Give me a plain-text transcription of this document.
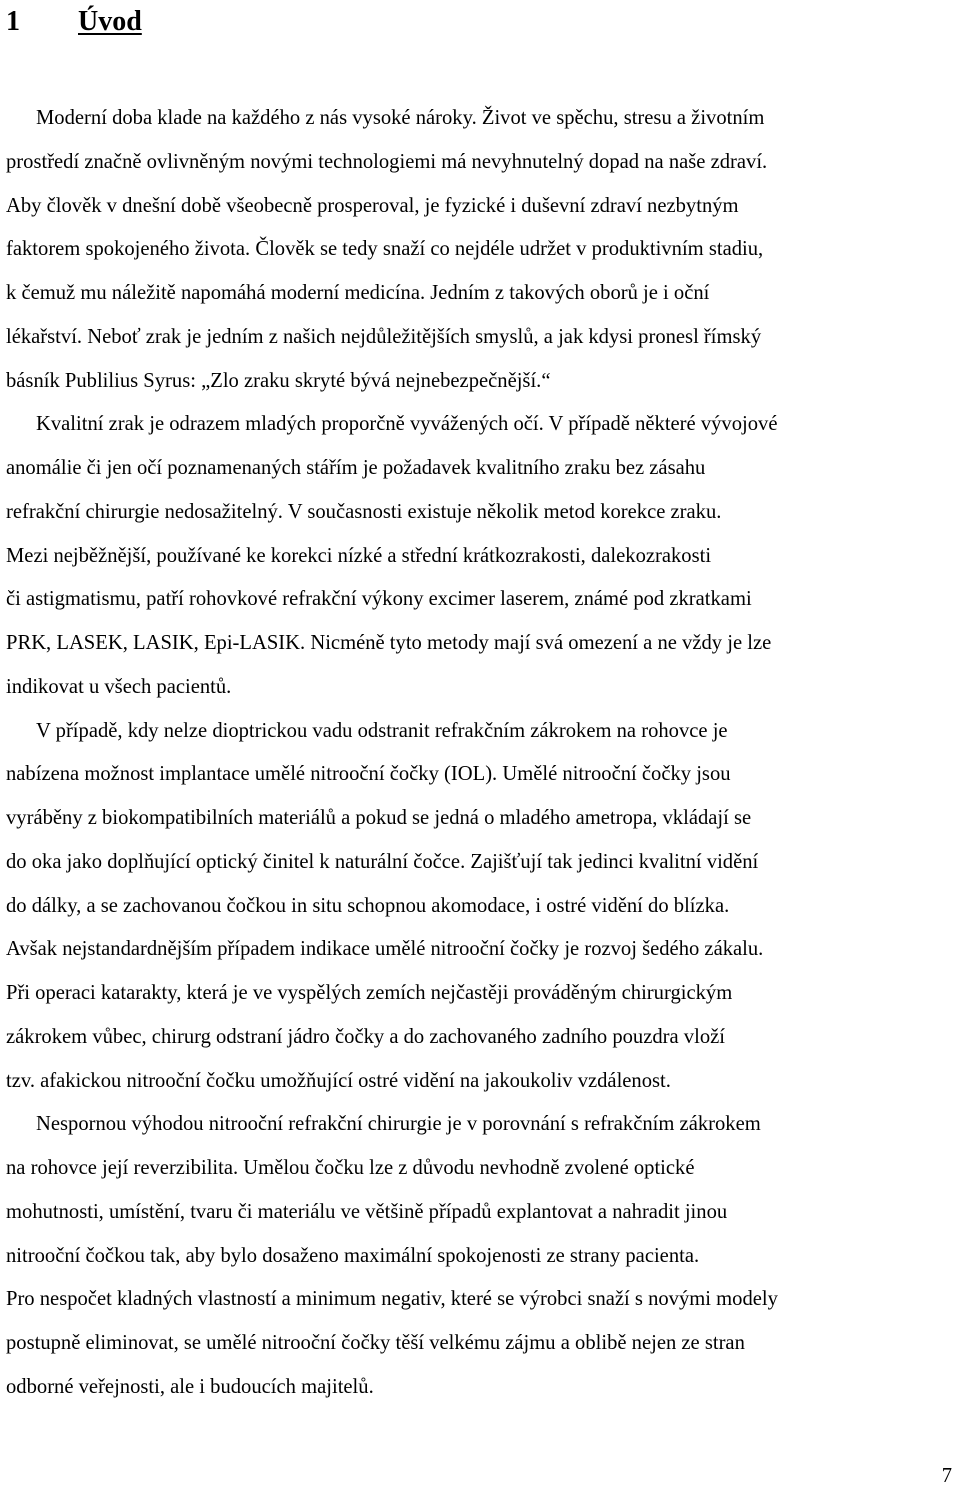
1 Úvod
Moderní doba klade na každého z nás vysoké nároky. Život ve spěchu, stresu a životním
prostředí značně ovlivněným novými technologiemi má nevyhnutelný dopad na naše zdraví.
Aby člověk v dnešní době všeobecně prosperoval, je fyzické i duševní zdraví nezbytným
faktorem spokojeného života. Člověk se tedy snaží co nejdéle udržet v produktivním stadiu,
k čemuž mu náležitě napomáhá moderní medicína. Jedním z takových oborů je i oční
lékařství. Neboť zrak je jedním z našich nejdůležitějších smyslů, a jak kdysi pronesl římský
básník Publilius Syrus: „Zlo zraku skryté bývá nejnebezpečnější.“
Kvalitní zrak je odrazem mladých proporčně vyvážených očí. V případě některé vývojové
anomálie či jen očí poznamenaných stářím je požadavek kvalitního zraku bez zásahu
refrakční chirurgie nedosažitelný. V současnosti existuje několik metod korekce zraku.
Mezi nejběžnější, používané ke korekci nízké a střední krátkozrakosti, dalekozrakosti
či astigmatismu, patří rohovkové refrakční výkony excimer laserem, známé pod zkratkami
PRK, LASEK, LASIK, Epi-LASIK. Nicméně tyto metody mají svá omezení a ne vždy je lze
indikovat u všech pacientů.
V případě, kdy nelze dioptrickou vadu odstranit refrakčním zákrokem na rohovce je
nabízena možnost implantace umělé nitrooční čočky (IOL). Umělé nitrooční čočky jsou
vyráběny z biokompatibilních materiálů a pokud se jedná o mladého ametropa, vkládají se
do oka jako doplňující optický činitel k naturální čočce. Zajišťují tak jedinci kvalitní vidění
do dálky, a se zachovanou čočkou in situ schopnou akomodace, i ostré vidění do blízka.
Avšak nejstandardnějším případem indikace umělé nitrooční čočky je rozvoj šedého zákalu.
Při operaci katarakty, která je ve vyspělých zemích nejčastěji prováděným chirurgickým
zákrokem vůbec, chirurg odstraní jádro čočky a do zachovaného zadního pouzdra vloží
tzv. afakickou nitrooční čočku umožňující ostré vidění na jakoukoliv vzdálenost.
Nespornou výhodou nitrooční refrakční chirurgie je v porovnání s refrakčním zákrokem
na rohovce její reverzibilita. Umělou čočku lze z důvodu nevhodně zvolené optické
mohutnosti, umístění, tvaru či materiálu ve většině případů explantovat a nahradit jinou
nitrooční čočkou tak, aby bylo dosaženo maximální spokojenosti ze strany pacienta.
Pro nespočet kladných vlastností a minimum negativ, které se výrobci snaží s novými modely
postupně eliminovat, se umělé nitrooční čočky těší velkému zájmu a oblibě nejen ze stran
odborné veřejnosti, ale i budoucích majitelů.
7
